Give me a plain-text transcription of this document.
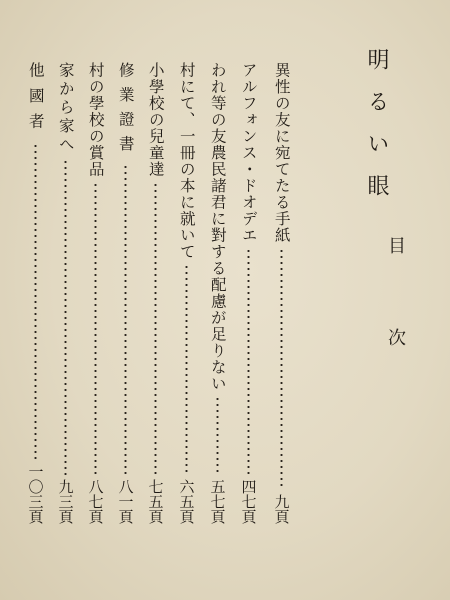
明るい眼
目次
異性の友に宛てたる手紙
九頁
アルフォンス・ドオデエ
四七頁
われ等の友農民諸君に對する配慮が足りない
五七頁
村にて、一冊の本に就いて
六五頁
小學校の兒童達
七五頁
修業證書
八一頁
村の學校の賞品
八七頁
家から家へ
九三頁
他國者
一〇三頁
